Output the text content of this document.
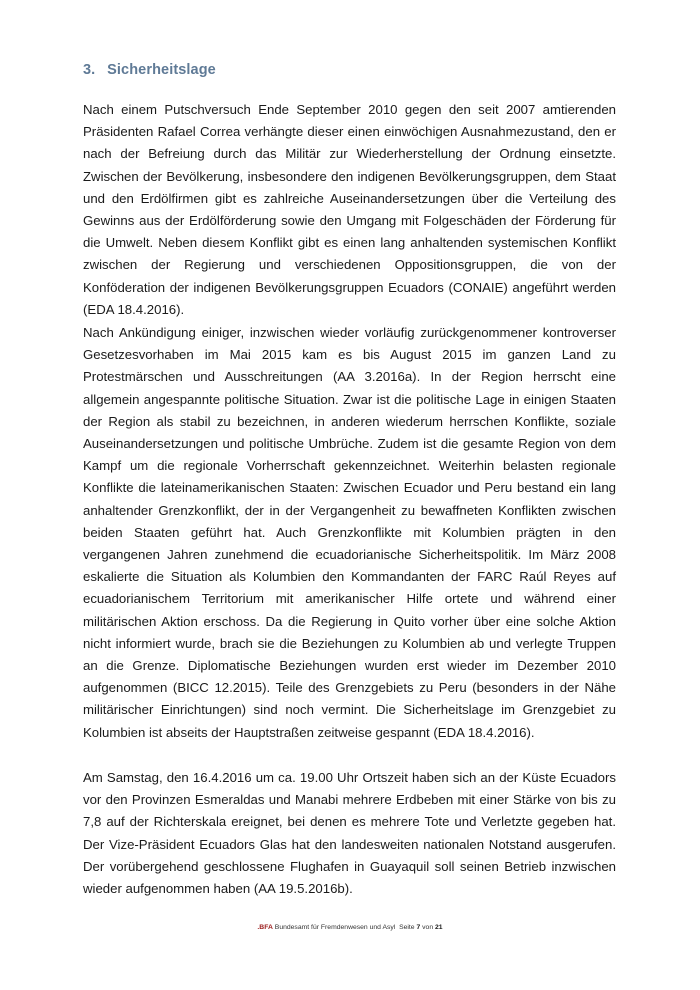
3. Sicherheitslage

Nach einem Putschversuch Ende September 2010 gegen den seit 2007 amtierenden Präsidenten Rafael Correa verhängte dieser einen einwöchigen Ausnahmezustand, den er nach der Befreiung durch das Militär zur Wiederherstellung der Ordnung einsetzte. Zwischen der Bevölkerung, insbesondere den indigenen Bevölkerungsgruppen, dem Staat und den Erdölfirmen gibt es zahlreiche Auseinandersetzungen über die Verteilung des Gewinns aus der Erdölförderung sowie den Umgang mit Folgeschäden der Förderung für die Umwelt. Neben diesem Konflikt gibt es einen lang anhaltenden systemischen Konflikt zwischen der Regierung und verschiedenen Oppositionsgruppen, die von der Konföderation der indigenen Bevölkerungsgruppen Ecuadors (CONAIE) angeführt werden (EDA 18.4.2016).

Nach Ankündigung einiger, inzwischen wieder vorläufig zurückgenommener kontroverser Gesetzesvorhaben im Mai 2015 kam es bis August 2015 im ganzen Land zu Protestmärschen und Ausschreitungen (AA 3.2016a). In der Region herrscht eine allgemein angespannte politische Situation. Zwar ist die politische Lage in einigen Staaten der Region als stabil zu bezeichnen, in anderen wiederum herrschen Konflikte, soziale Auseinandersetzungen und politische Umbrüche. Zudem ist die gesamte Region von dem Kampf um die regionale Vorherrschaft gekennzeichnet. Weiterhin belasten regionale Konflikte die lateinamerikanischen Staaten: Zwischen Ecuador und Peru bestand ein lang anhaltender Grenzkonflikt, der in der Vergangenheit zu bewaffneten Konflikten zwischen beiden Staaten geführt hat. Auch Grenzkonflikte mit Kolumbien prägten in den vergangenen Jahren zunehmend die ecuadorianische Sicherheitspolitik. Im März 2008 eskalierte die Situation als Kolumbien den Kommandanten der FARC Raúl Reyes auf ecuadorianischem Territorium mit amerikanischer Hilfe ortete und während einer militärischen Aktion erschoss. Da die Regierung in Quito vorher über eine solche Aktion nicht informiert wurde, brach sie die Beziehungen zu Kolumbien ab und verlegte Truppen an die Grenze. Diplomatische Beziehungen wurden erst wieder im Dezember 2010 aufgenommen (BICC 12.2015). Teile des Grenzgebiets zu Peru (besonders in der Nähe militärischer Einrichtungen) sind noch vermint. Die Sicherheitslage im Grenzgebiet zu Kolumbien ist abseits der Hauptstraßen zeitweise gespannt (EDA 18.4.2016).

Am Samstag, den 16.4.2016 um ca. 19.00 Uhr Ortszeit haben sich an der Küste Ecuadors vor den Provinzen Esmeraldas und Manabi mehrere Erdbeben mit einer Stärke von bis zu 7,8 auf der Richterskala ereignet, bei denen es mehrere Tote und Verletzte gegeben hat. Der Vize-Präsident Ecuadors Glas hat den landesweiten nationalen Notstand ausgerufen. Der vorübergehend geschlossene Flughafen in Guayaquil soll seinen Betrieb inzwischen wieder aufgenommen haben (AA 19.5.2016b).

.BFA Bundesamt für Fremdenwesen und Asyl Seite 7 von 21
